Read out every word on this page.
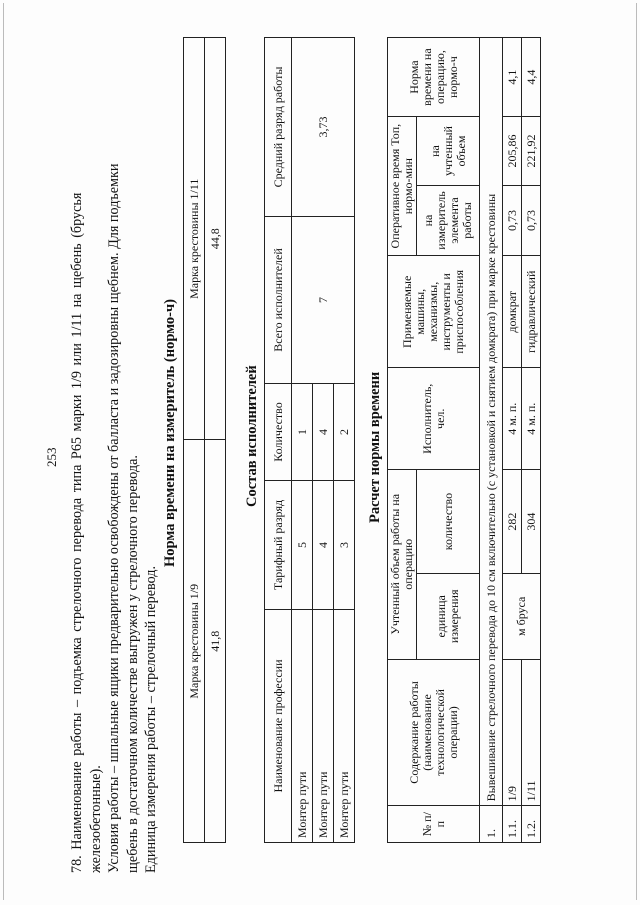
253 78. Наименование работы – подъемка стрелочного перевода типа Р65 марки 1/9 или 1/11 на щебень (брусья железобетонные). Условия работы – шпальные ящики предварительно освобождены от балласта и задозировны щебнем. Для подъемки щебень в достаточном количестве выгружен у стрелочного перевода. Единица измерения работы – стрелочный перевод.

Норма времени на измеритель (нормо-ч)
Марка крестовины 1/9	Марка крестовины 1/11
41,8	44,8
Состав исполнителей
Наименование профессии	Тарифный разряд	Количество	Всего исполнителей	Средний разряд работы
Монтер пути	5	1	7	3,73
Монтер пути	4	4		
Монтер пути	3	2		Расчет нормы времени
№ п/п	Содержание работы (наименование технологической операции)	Учтенный объем работы на операцию		Исполнитель, чел.	Применяемые машины, механизмы, инструменты и приспособления	Оперативное время Топ, нормо-мин		Норма времени на операцию, нормо-ч
		единица измерения	количество			на измеритель элемента работы	на учтенный объем	
1.	Вывешивание стрелочного перевода до 10 см включительно (с установкой и снятием домкрата) при марке крестовины							
1.1.	1/9	м бруса	282	4 м. п.	домкрат	0,73	205,86	4,1
1.2.	1/11		304	4 м. п.	гидравлический	0,73	221,92	4,4
